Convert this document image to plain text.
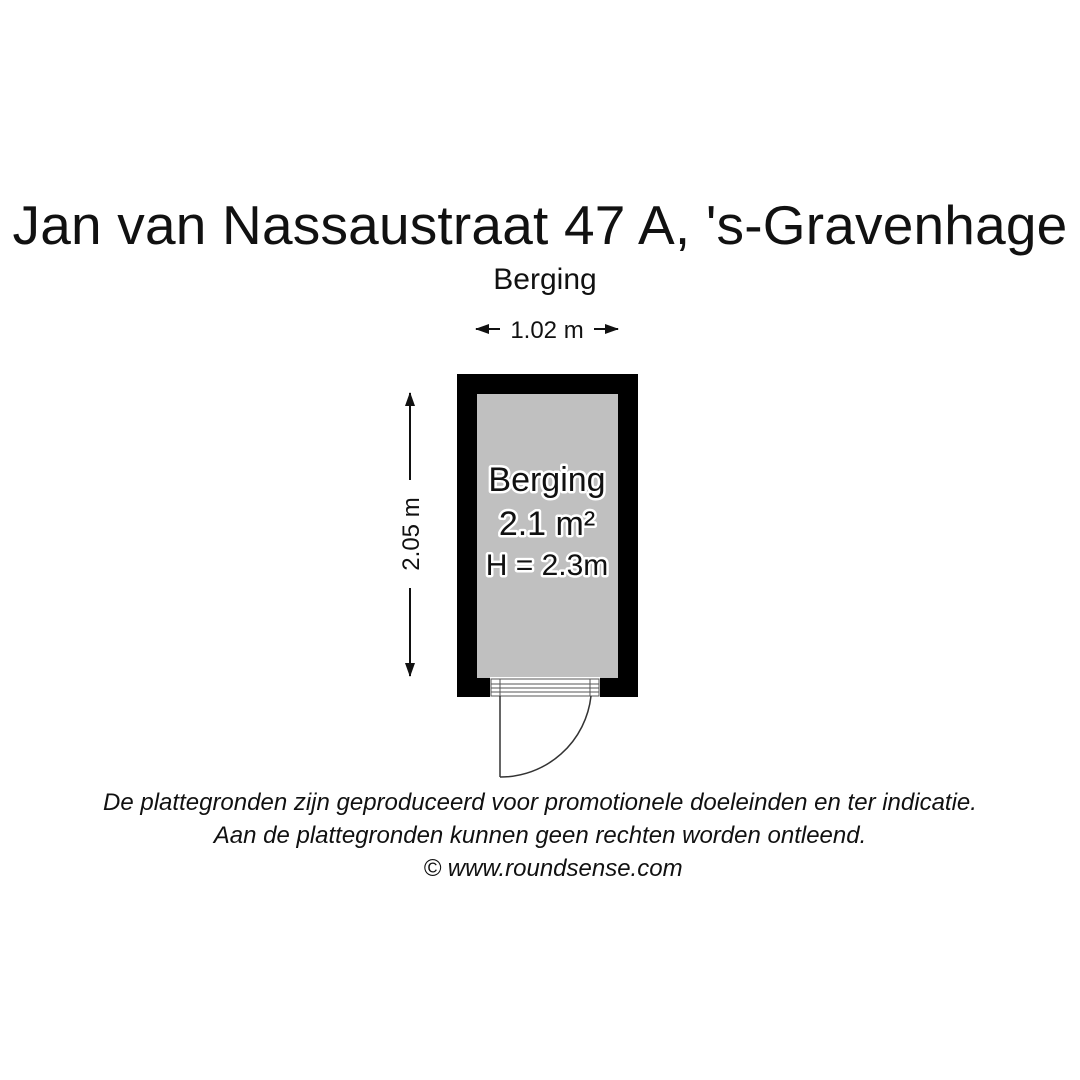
Jan van Nassaustraat 47 A, 's-Gravenhage
Berging
1.02 m
2.05 m
Berging
2.1 m²
H = 2.3m
De plattegronden zijn geproduceerd voor promotionele doeleinden en ter indicatie.
Aan de plattegronden kunnen geen rechten worden ontleend.
© www.roundsense.com
